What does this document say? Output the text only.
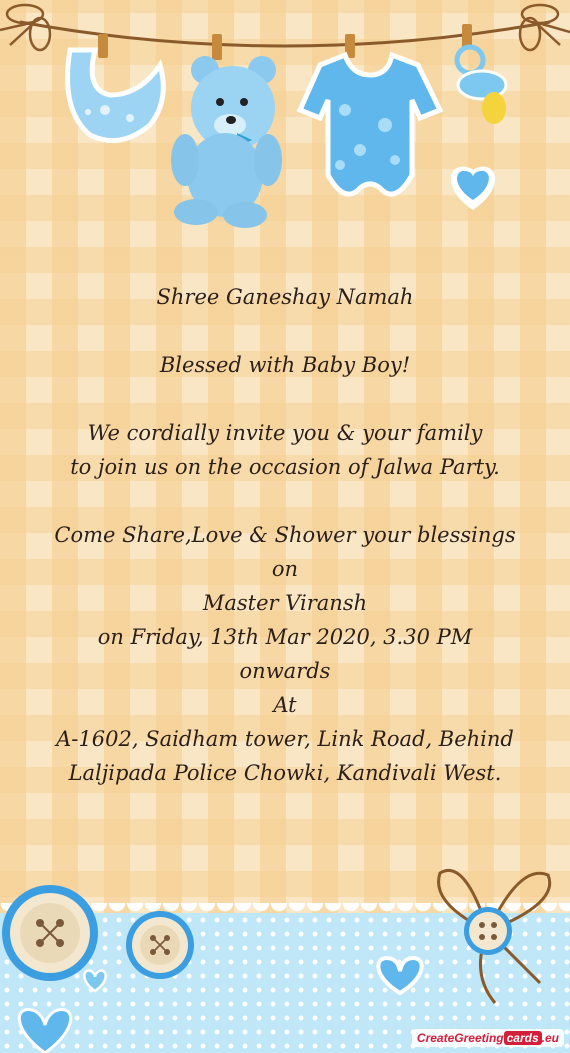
Shree Ganeshay Namah

Blessed with Baby Boy!

We cordially invite you & your family

to join us on the occasion of Jalwa Party.

Come Share,Love & Shower your blessings

on

Master Viransh

on Friday, 13th Mar 2020, 3.30 PM

onwards

At

A-1602, Saidham tower, Link Road, Behind

Laljipada Police Chowki, Kandivali West.

CreateGreeting cards .eu
